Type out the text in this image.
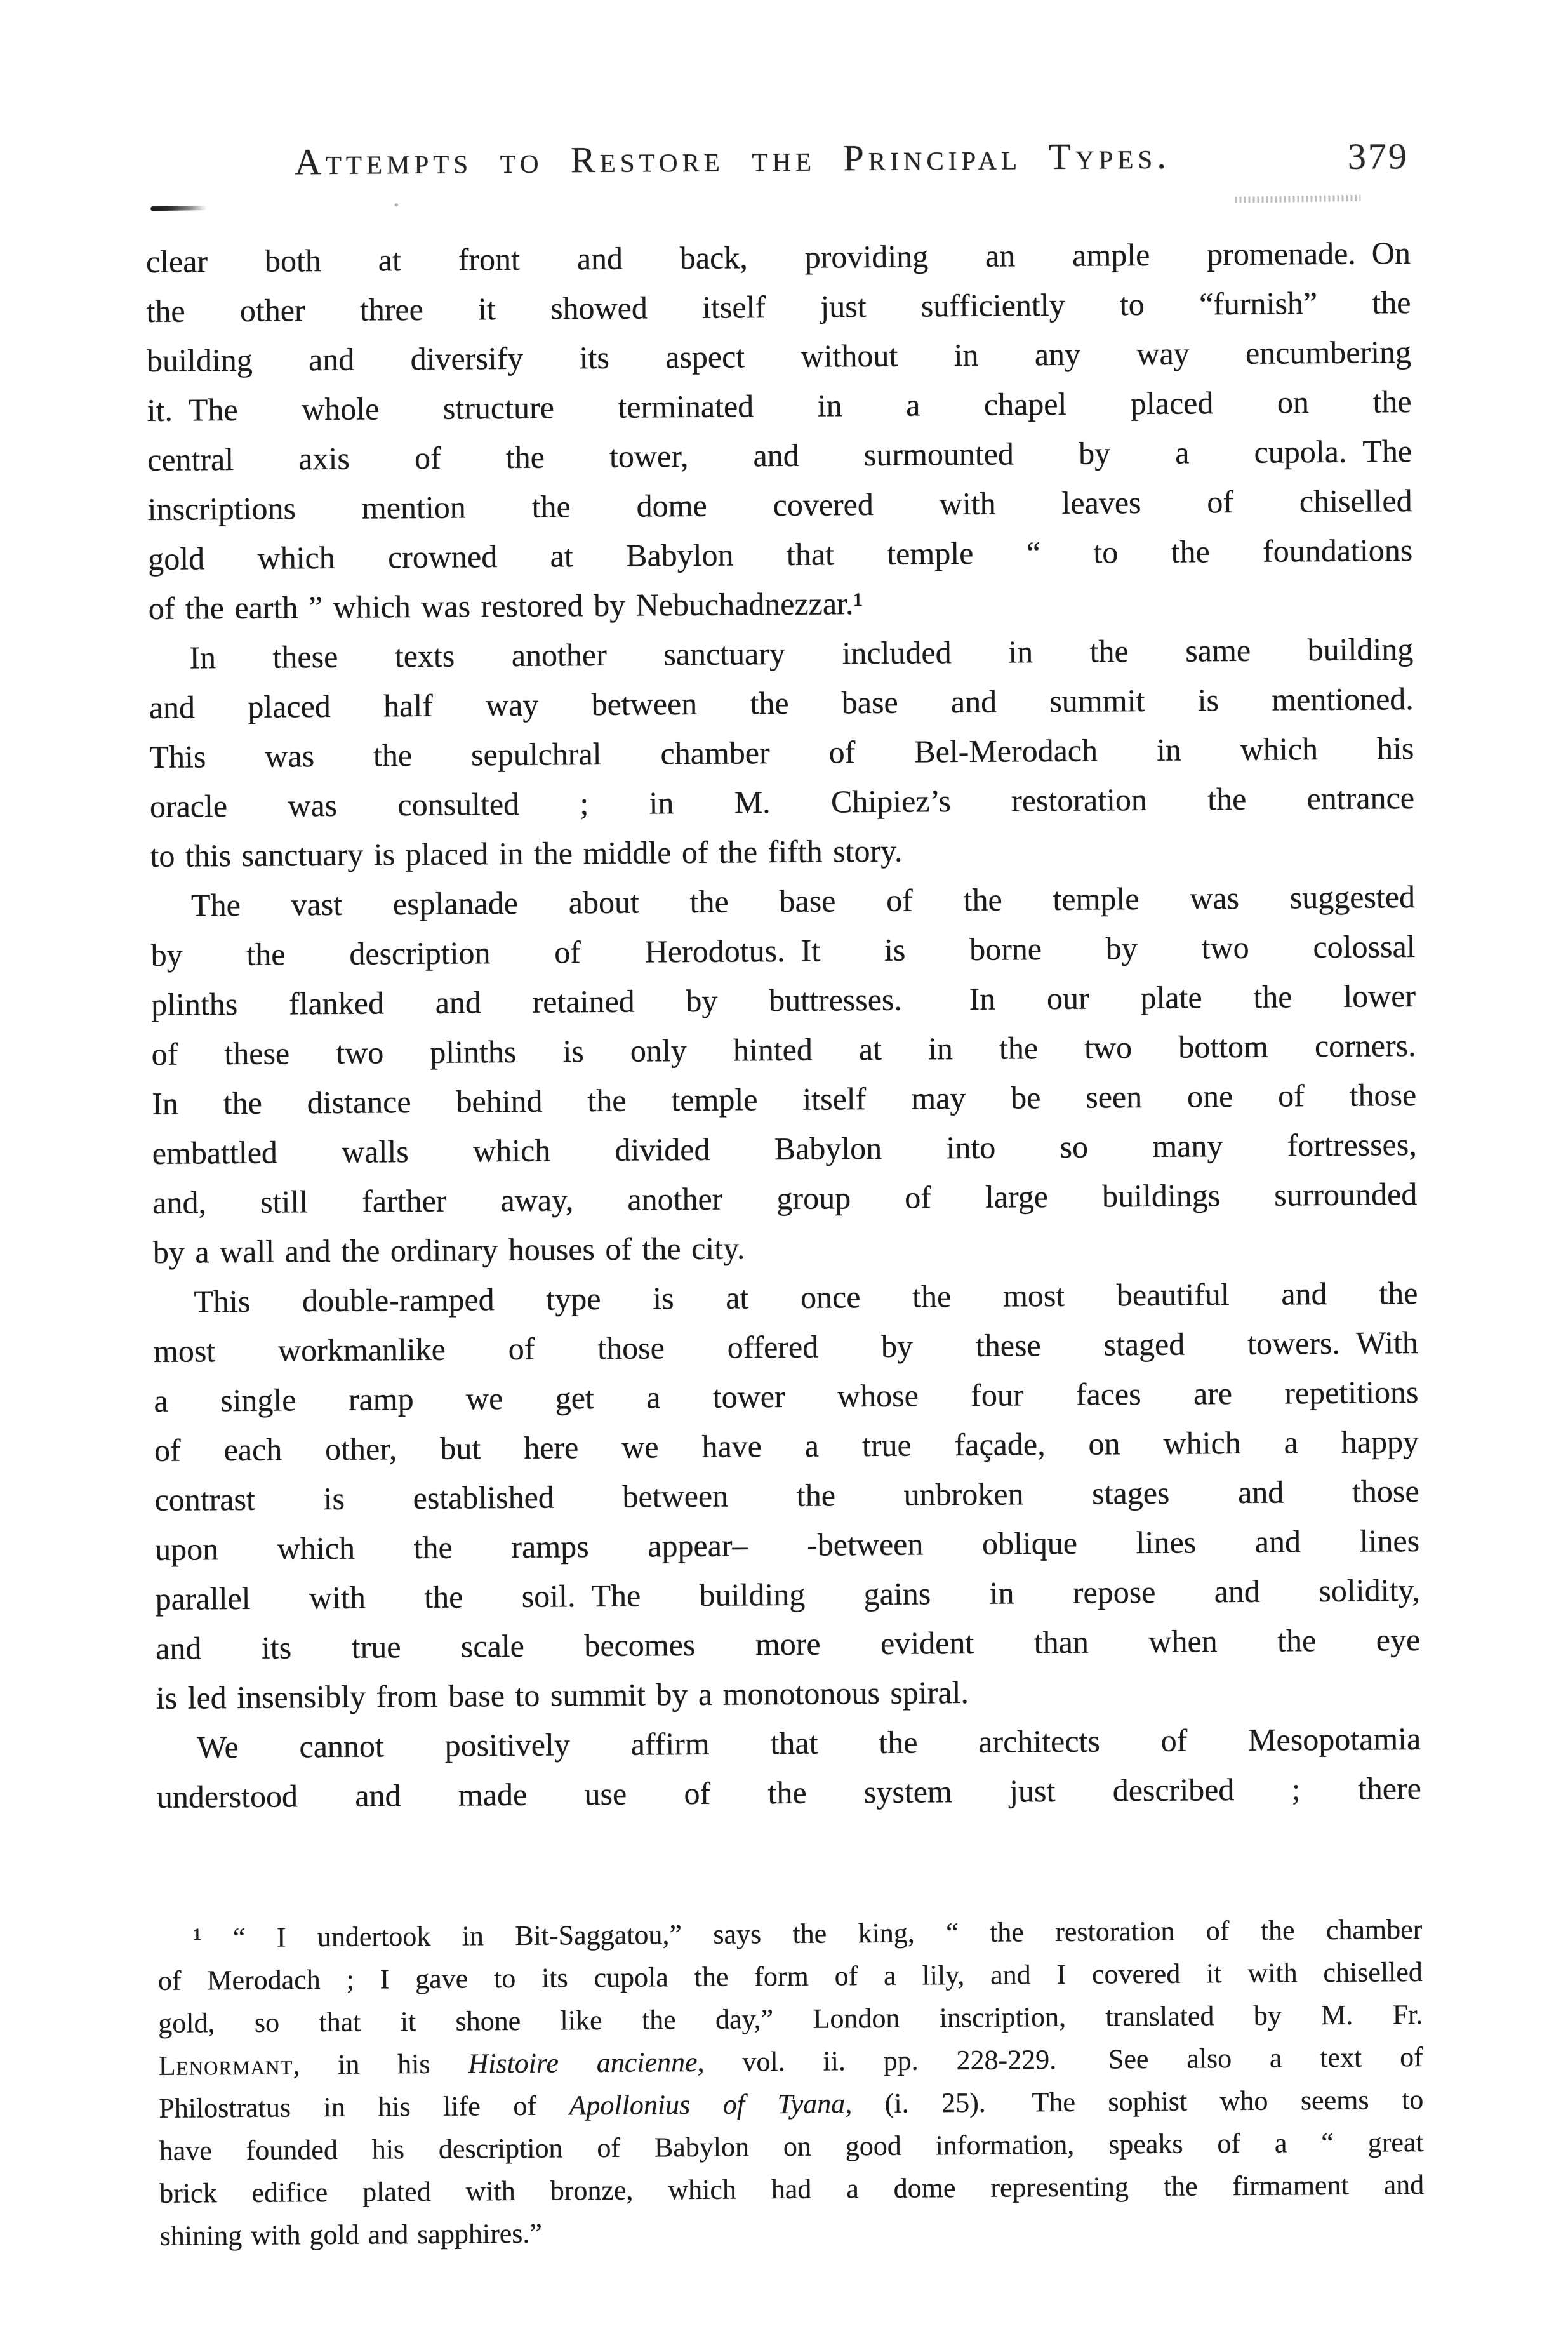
Attempts to Restore the Principal Types.	379
clear both at front and back, providing an ample promenade. On
the other three it showed itself just sufficiently to “furnish” the
building and diversify its aspect without in any way encumbering
it. The whole structure terminated in a chapel placed on the
central axis of the tower, and surmounted by a cupola. The
inscriptions mention the dome covered with leaves of chiselled
gold which crowned at Babylon that temple “ to the foundations
of the earth ” which was restored by Nebuchadnezzar.¹
In these texts another sanctuary included in the same building
and placed half way between the base and summit is mentioned.
This was the sepulchral chamber of Bel-Merodach in which his
oracle was consulted ; in M. Chipiez’s restoration the entrance
to this sanctuary is placed in the middle of the fifth story.
The vast esplanade about the base of the temple was suggested
by the description of Herodotus. It is borne by two colossal
plinths flanked and retained by buttresses.  In our plate the lower
of these two plinths is only hinted at in the two bottom corners.
In the distance behind the temple itself may be seen one of those
embattled walls which divided Babylon into so many fortresses,
and, still farther away, another group of large buildings surrounded
by a wall and the ordinary houses of the city.
This double-ramped type is at once the most beautiful and the
most workmanlike of those offered by these staged towers. With
a single ramp we get a tower whose four faces are repetitions
of each other, but here we have a true façade, on which a happy
contrast is established between the unbroken stages and those
upon which the ramps appear– -between oblique lines and lines
parallel with the soil. The building gains in repose and solidity,
and its true scale becomes more evident than when the eye
is led insensibly from base to summit by a monotonous spiral.
We cannot positively affirm that the architects of Mesopotamia
understood and made use of the system just described ; there
¹ “ I undertook in Bit-Saggatou,” says the king, “ the restoration of the chamber
of Merodach ; I gave to its cupola the form of a lily, and I covered it with chiselled
gold, so that it shone like the day,” London inscription, translated by M. Fr.
Lenormant, in his Histoire ancienne, vol. ii. pp. 228-229.  See also a text of
Philostratus in his life of Apollonius of Tyana, (i. 25).  The sophist who seems to
have founded his description of Babylon on good information, speaks of a “ great
brick edifice plated with bronze, which had a dome representing the firmament and
shining with gold and sapphires.”
